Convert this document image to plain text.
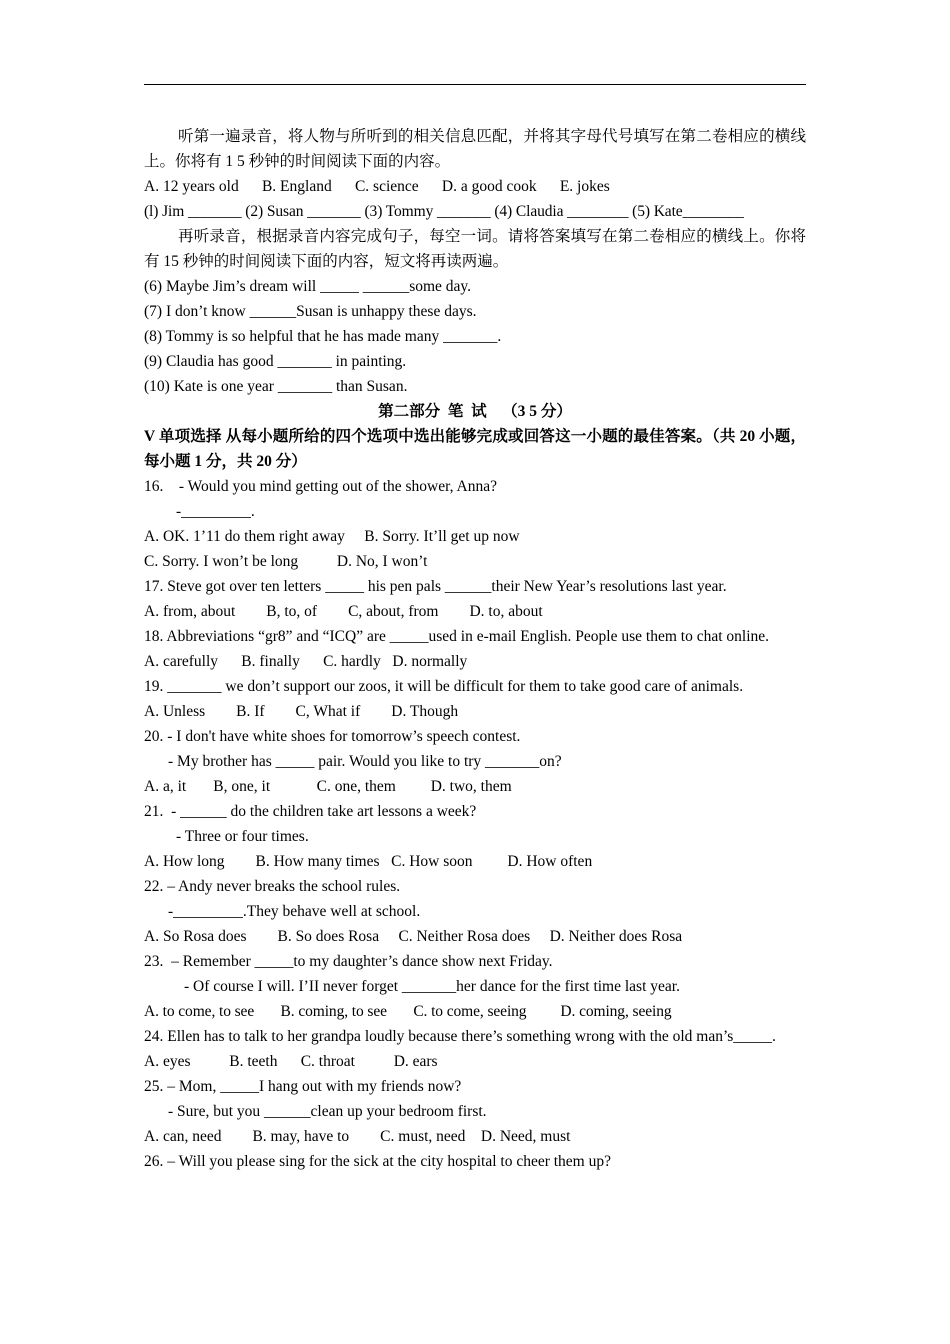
听第一遍录音，将人物与所听到的相关信息匹配，并将其字母代号填写在第二卷相应的横线上。你将有 1 5 秒钟的时间阅读下面的内容。
A. 12 years old      B. England      C. science      D. a good cook      E. jokes
(l) Jim _______ (2) Susan _______ (3) Tommy _______ (4) Claudia ________ (5) Kate________
再听录音，根据录音内容完成句子，每空一词。请将答案填写在第二卷相应的横线上。你将有 15 秒钟的时间阅读下面的内容，短文将再读两遍。
(6) Maybe Jim’s dream will _____ ______some day.
(7) I don’t know ______Susan is unhappy these days.
(8) Tommy is so helpful that he has made many _______.
(9) Claudia has good _______ in painting.
(10) Kate is one year _______ than Susan.
第二部分  笔  试    （3 5 分）
V 单项选择 从每小题所给的四个选项中选出能够完成或回答这一小题的最佳答案。（共 20 小题，每小题 1 分，共 20 分）
16.    - Would you mind getting out of the shower, Anna?
-_________.
A. OK. 1’11 do them right away     B. Sorry. It’ll get up now
C. Sorry. I won’t be long          D. No, I won’t
17. Steve got over ten letters _____ his pen pals ______their New Year’s resolutions last year.
A. from, about        B, to, of        C, about, from        D. to, about
18. Abbreviations “gr8” and “ICQ” are _____used in e-mail English. People use them to chat online.
A. carefully      B. finally      C. hardly   D. normally
19. _______ we don’t support our zoos, it will be difficult for them to take good care of animals.
A. Unless        B. If        C, What if        D. Though
20. - I don't have white shoes for tomorrow’s speech contest.
- My brother has _____ pair. Would you like to try _______on?
A. a, it       B, one, it            C. one, them         D. two, them
21.  - ______ do the children take art lessons a week?
- Three or four times.
A. How long        B. How many times   C. How soon         D. How often
22. – Andy never breaks the school rules.
-_________.They behave well at school.
A. So Rosa does        B. So does Rosa     C. Neither Rosa does     D. Neither does Rosa
23.  – Remember _____to my daughter’s dance show next Friday.
- Of course I will. I’II never forget _______her dance for the first time last year.
A. to come, to see       B. coming, to see       C. to come, seeing         D. coming, seeing
24. Ellen has to talk to her grandpa loudly because there’s something wrong with the old man’s_____.
A. eyes          B. teeth      C. throat          D. ears
25. – Mom, _____I hang out with my friends now?
- Sure, but you ______clean up your bedroom first.
A. can, need        B. may, have to        C. must, need    D. Need, must
26. – Will you please sing for the sick at the city hospital to cheer them up?
